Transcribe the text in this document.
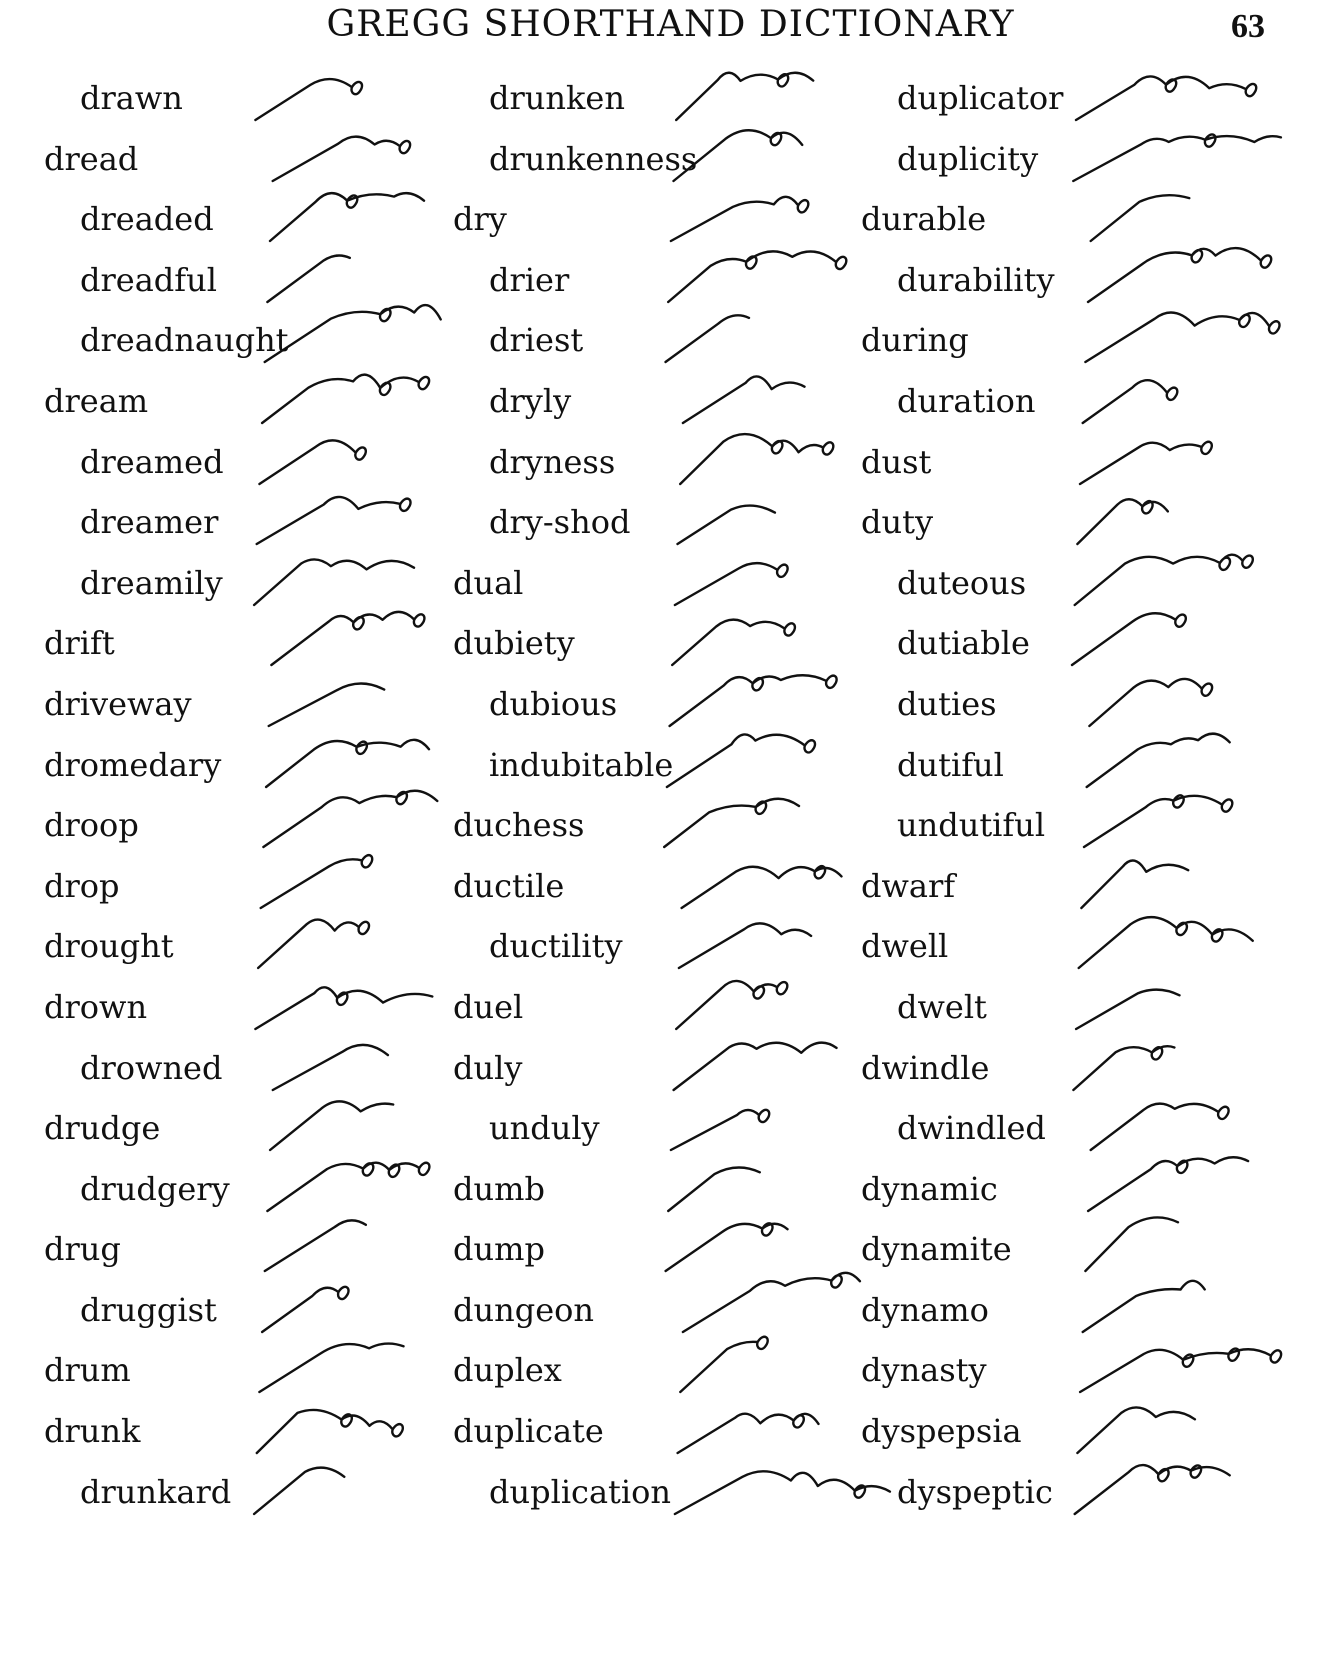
GREGG SHORTHAND DICTIONARY	63
drawn
dread
dreaded
dreadful
dreadnaught
dream
dreamed
dreamer
dreamily
drift
driveway
dromedary
droop
drop
drought
drown
drowned
drudge
drudgery
drug
druggist
drum
drunk
drunkard
drunken
drunkenness
dry
drier
driest
dryly
dryness
dry-shod
dual
dubiety
dubious
indubitable
duchess
ductile
ductility
duel
duly
unduly
dumb
dump
dungeon
duplex
duplicate
duplication
duplicator
duplicity
durable
durability
during
duration
dust
duty
duteous
dutiable
duties
dutiful
undutiful
dwarf
dwell
dwelt
dwindle
dwindled
dynamic
dynamite
dynamo
dynasty
dyspepsia
dyspeptic
